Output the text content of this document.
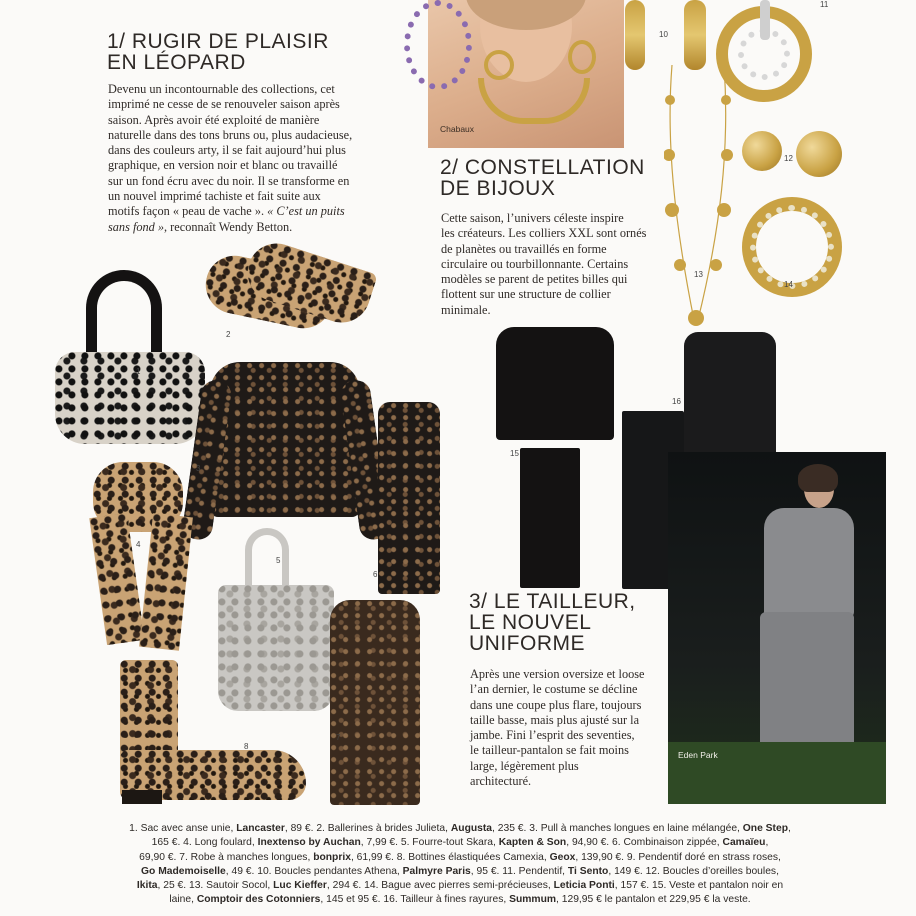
Chabaux
1/ RUGIR DE PLAISIR
EN LÉOPARD
Devenu un incontournable des collections, cet
imprimé ne cesse de se renouveler saison après
saison. Après avoir été exploité de manière
naturelle dans des tons bruns ou, plus audacieuse,
dans des couleurs arty, il se fait aujourd’hui plus
graphique, en version noir et blanc ou travaillé
sur un fond écru avec du noir. Il se transforme en
un nouvel imprimé tachiste et fait suite aux
motifs façon « peau de vache ». « C’est un puits
sans fond », reconnaît Wendy Betton.
2/ CONSTELLATION
DE BIJOUX
Cette saison, l’univers céleste inspire
les créateurs. Les colliers XXL sont ornés
de planètes ou travaillés en forme
circulaire ou tourbillonnante. Certains
modèles se parent de petites billes qui
flottent sur une structure de collier
minimale.
10
11
12
13
14
1
2
3
6
4
5
7
8
15
16
Eden Park
3/ LE TAILLEUR,
LE NOUVEL
UNIFORME
Après une version oversize et loose
l’an dernier, le costume se décline
dans une coupe plus flare, toujours
taille basse, mais plus ajusté sur la
jambe. Fini l’esprit des seventies,
le tailleur-pantalon se fait moins
large, légèrement plus
architecturé.
1. Sac avec anse unie, Lancaster, 89 €. 2. Ballerines à brides Julieta, Augusta, 235 €. 3. Pull à manches longues en laine mélangée, One Step,
165 €. 4. Long foulard, Inextenso by Auchan, 7,99 €. 5. Fourre-tout Skara, Kapten & Son, 94,90 €. 6. Combinaison zippée, Camaïeu,
69,90 €. 7. Robe à manches longues, bonprix, 61,99 €. 8. Bottines élastiquées Camexia, Geox, 139,90 €. 9. Pendentif doré en strass roses,
Go Mademoiselle, 49 €. 10. Boucles pendantes Athena, Palmyre Paris, 95 €. 11. Pendentif, Ti Sento, 149 €. 12. Boucles d’oreilles boules,
Ikita, 25 €. 13. Sautoir Socol, Luc Kieffer, 294 €. 14. Bague avec pierres semi-précieuses, Leticia Ponti, 157 €. 15. Veste et pantalon noir en
laine, Comptoir des Cotonniers, 145 et 95 €. 16. Tailleur à fines rayures, Summum, 129,95 € le pantalon et 229,95 € la veste.
